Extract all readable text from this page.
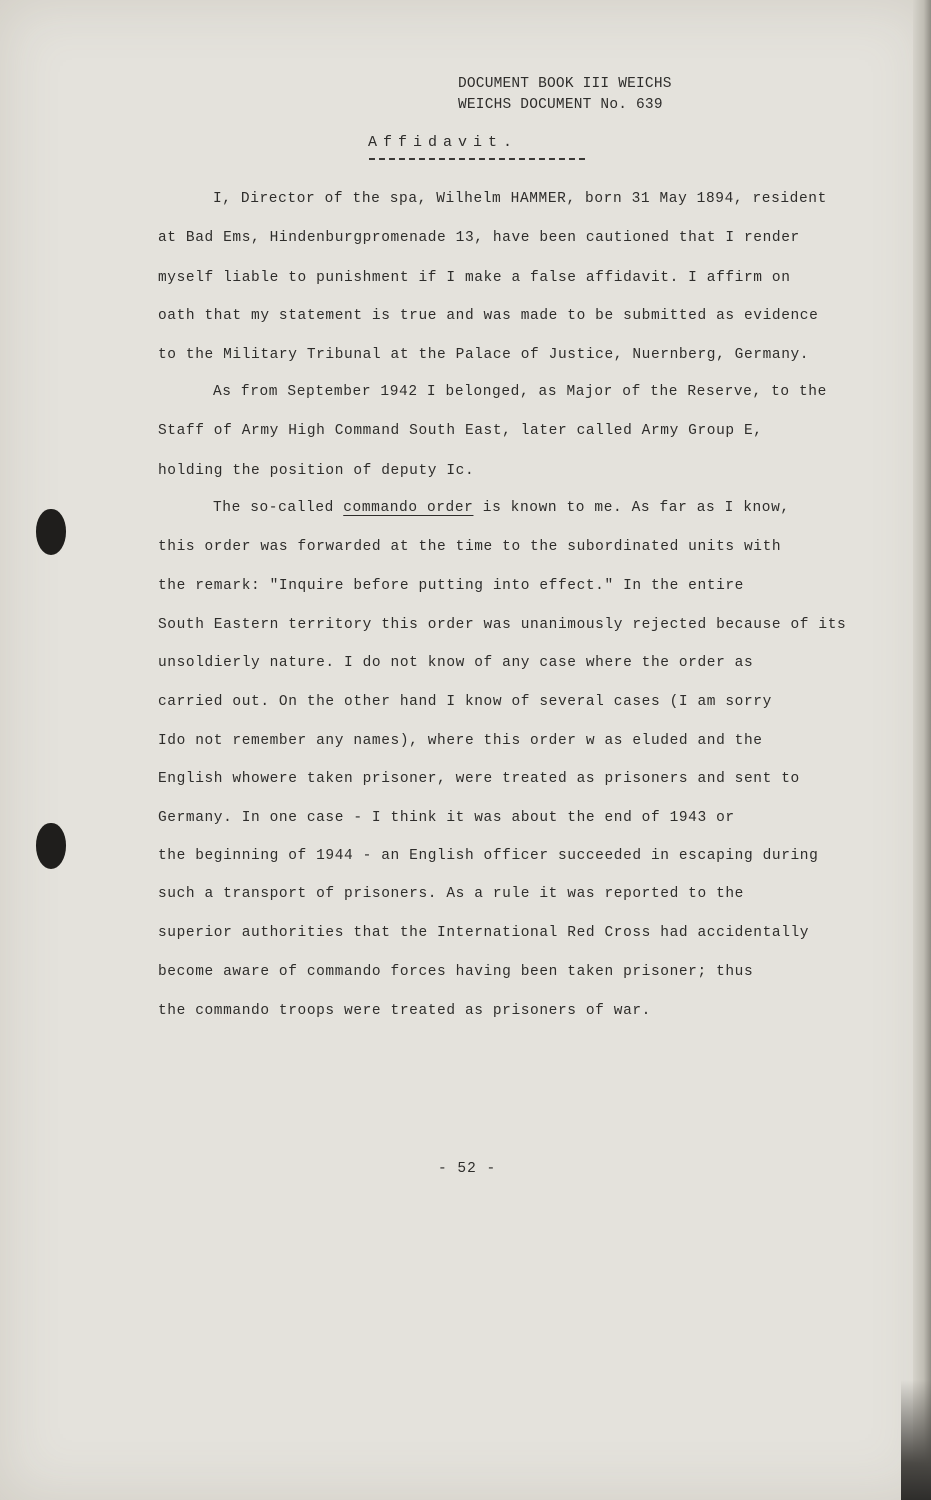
DOCUMENT BOOK III WEICHS
WEICHS DOCUMENT No. 639
Affidavit.
I, Director of the spa, Wilhelm HAMMER, born 31 May 1894, resident
at Bad Ems, Hindenburgpromenade 13, have been cautioned that I render
myself liable to punishment if I make a false affidavit. I affirm on
oath that my statement is true and was made to be submitted as evidence
to the Military Tribunal at the Palace of Justice, Nuernberg, Germany.
As from September 1942 I belonged, as Major of the Reserve, to the
Staff of Army High Command South East, later called Army Group E,
holding the position of deputy Ic.
The so-called commando order is known to me. As far as I know,
this order was forwarded at the time to the subordinated units with
the remark: "Inquire before putting into effect." In the entire
South Eastern territory this order was unanimously rejected because of its
unsoldierly nature. I do not know of any case where the order as
carried out. On the other hand I know of several cases (I am sorry
Ido not remember any names), where this order w as eluded and the
English whowere taken prisoner, were treated as prisoners and sent to
Germany. In one case - I think it was about the end of 1943 or
the beginning of 1944 - an English officer succeeded in escaping during
such a transport of prisoners. As a rule it was reported to the
superior authorities that the International Red Cross had accidentally
become aware of commando forces having been taken prisoner; thus
the commando troops were treated as prisoners of war.
- 52 -
